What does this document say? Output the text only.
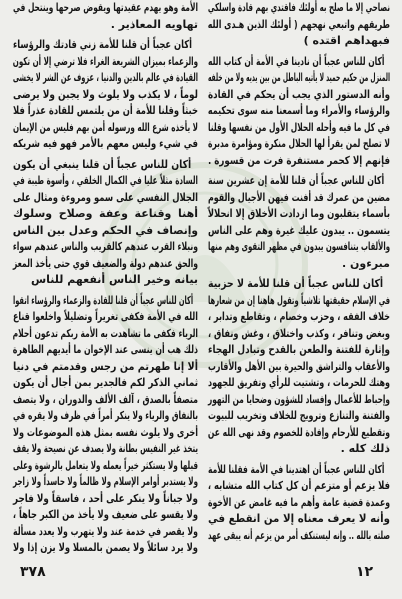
نصاحي إلا ما صلح به أولئك فاقتدي بهم قادة واسلكي
طريقهم واتبعي نهجهم ( أولئك الذين هـدى الله
فبهداهم اقتده )
أكان للناس عجباً أن نادينا في الأمة أن كتاب الله
المنزل من حكيم حميد لا يأتيه الباطل من بين يديه ولا من خلفه
وأنه الدستور الذي يجب أن يحكم في القادة
والرؤساء والأمراء وما أسمعنا منه سوى تحكيمه
في كل ما فيه وأحله الحلال الأول من نفسها وقلنا
لا تصلح لمن يقرأ لها الحلال منكرة ومؤامرة مدبرة
فإنهم إلا كحمر مستنفرة فرت من قسورة .
أكان للناس عجباً أن قلنا للأمة إن عشرين سنة
مضين من عمرك قد أفنت فيهن الأجيال والقوم
بأسماء يتقلبون وما ازدادت الأخلاق إلا انحلالاً
يتسمون .. يبدون عليك غيرة وهم على الناس
والألقاب يتنافسون يبدون في مظهر التقوى وهم منها
مبرءون .
أكان للناس عجباً أن قلنا للأمة لا حزبية
في الإسلام حقيقتها تلاشياً وتقول هاهنا إن من شعارها
خلاف الفقه ، وحزب وخصام ، وتقاطع وتدابر ،
وبغض وتنافر ، وكذب واختلاق ، وغش ونفاق ،
وإثارة للفتنة والطعن بالقدح وتبادل الهجاء
والأعقاب والتراشق والحيرة بين الأهل والأقارب
وهتك للحرمات ، وتشتيت للرأي وتفريق للجهود
وإحباط للأعمال وإفساد للشؤون وضحايا من التهور
والفتنة والتنازع وترويج للخلاف وتخريب للبيوت
وتقطيع للأرحام وإفادة للخصوم وقد نهى الله عن
ذلك كله .
أكان للناس عجباً أن اهتدينا في الأمة فقلنا للأمة
فلا يزعم أو متزعم أن كل كتاب الله متشابه ،
وعمدة قضية عامة وأهم ما فيه غامض عن الأخوة
وأنه لا يعرف معناه إلا من انقطع في
صلته بالله .. وإنه ليستنكف أمر من يزعم أنه يبقى عهد
الأمة وهو يهدم عقيدتها ويقوض صرحها وينتحل في
تهاويه المعاذير .
أكان عجباً أن قلنا للأمة زني قادتك والرؤساء
والزعماء بميزان الشريعة الغراء فلا ترضي إلا أن تكون
القيادة في عالم بالدين والدنيا ، عزوف عن الشر لا يخشى
لوماً ، لا يكذب ولا يلوث ولا يجبن ولا يرضى
خبثاً وقلنا للأمة أن من يلتمس للقادة عذراً فلا
لا يأخذه شرع الله ورسوله أمن بهم فليس من الإيمان
في شيء وليس معهم بالأمر فهو فيه شريكه
أكان للناس عجباً أن قلنا ينبغي أن يكون
السادة مثلاً عليا في الكمال الخلقي ، وأسوة طيبة في
الجلال النفسي على سمو ومروءة ومثال على
أهنا وقناعة وعفة وصلاح وسلوك
وإنصاف في الحكم وعدل بين الناس
ونبلاء القرب عندهم كالقريب والناس عندهم سواء
والحق عندهم دولة والضعيف قوي حتى يأخذ المعز
بيانه وخير الناس أنفعهم للناس
أكان للناس عجباً أن قلنا للقادة والزعماء والرؤساء اتقوا
الله في الأمة فكفى تغريراً وتضليلاً واخلعوا قناع
الرياء فكفى ما تشاهدت به الأمة ربكم تدعون أحلام
ذلك هب أن ينسى عند الإخوان ما أيديهم الطاهرة
ألا إنا طهرتم من رجس وقدمتم في دنيا
ثماني الذكر لكم فالجدير بمن أجال أن يكون
متصفاً بالصدق ، آلف الألف والدوران ، ولا يتصف
بالنفاق والرياء ولا ينكر أمراً في ظرف ولا يقره في
أخرى ولا يلوث نفسه بمثل هذه الموضوعات ولا
يتخذ غير النفيس بطانة ولا يصدف عن نصيحة ولا يقف
قبلها ولا يستكثر خيراً يعمله ولا يتعامل بالرشوة وعلى
ولا يستدبر أوامر الإسلام ولا ظالماً ولا حاسداً ولا زاجر
ولا جباناً ولا ينكر على أحد ، فاسقاً ولا فاجر
ولا يقسو على ضعيف ولا يأخذ من الكبر جاهاً ،
ولا يقصر في خدمة عند ولا يتهرب ولا يعدد مسألة
ولا يرد سائلاً ولا يصمن بالمسلا ولا يزن إذا ولا
٣٧٨	١٢
